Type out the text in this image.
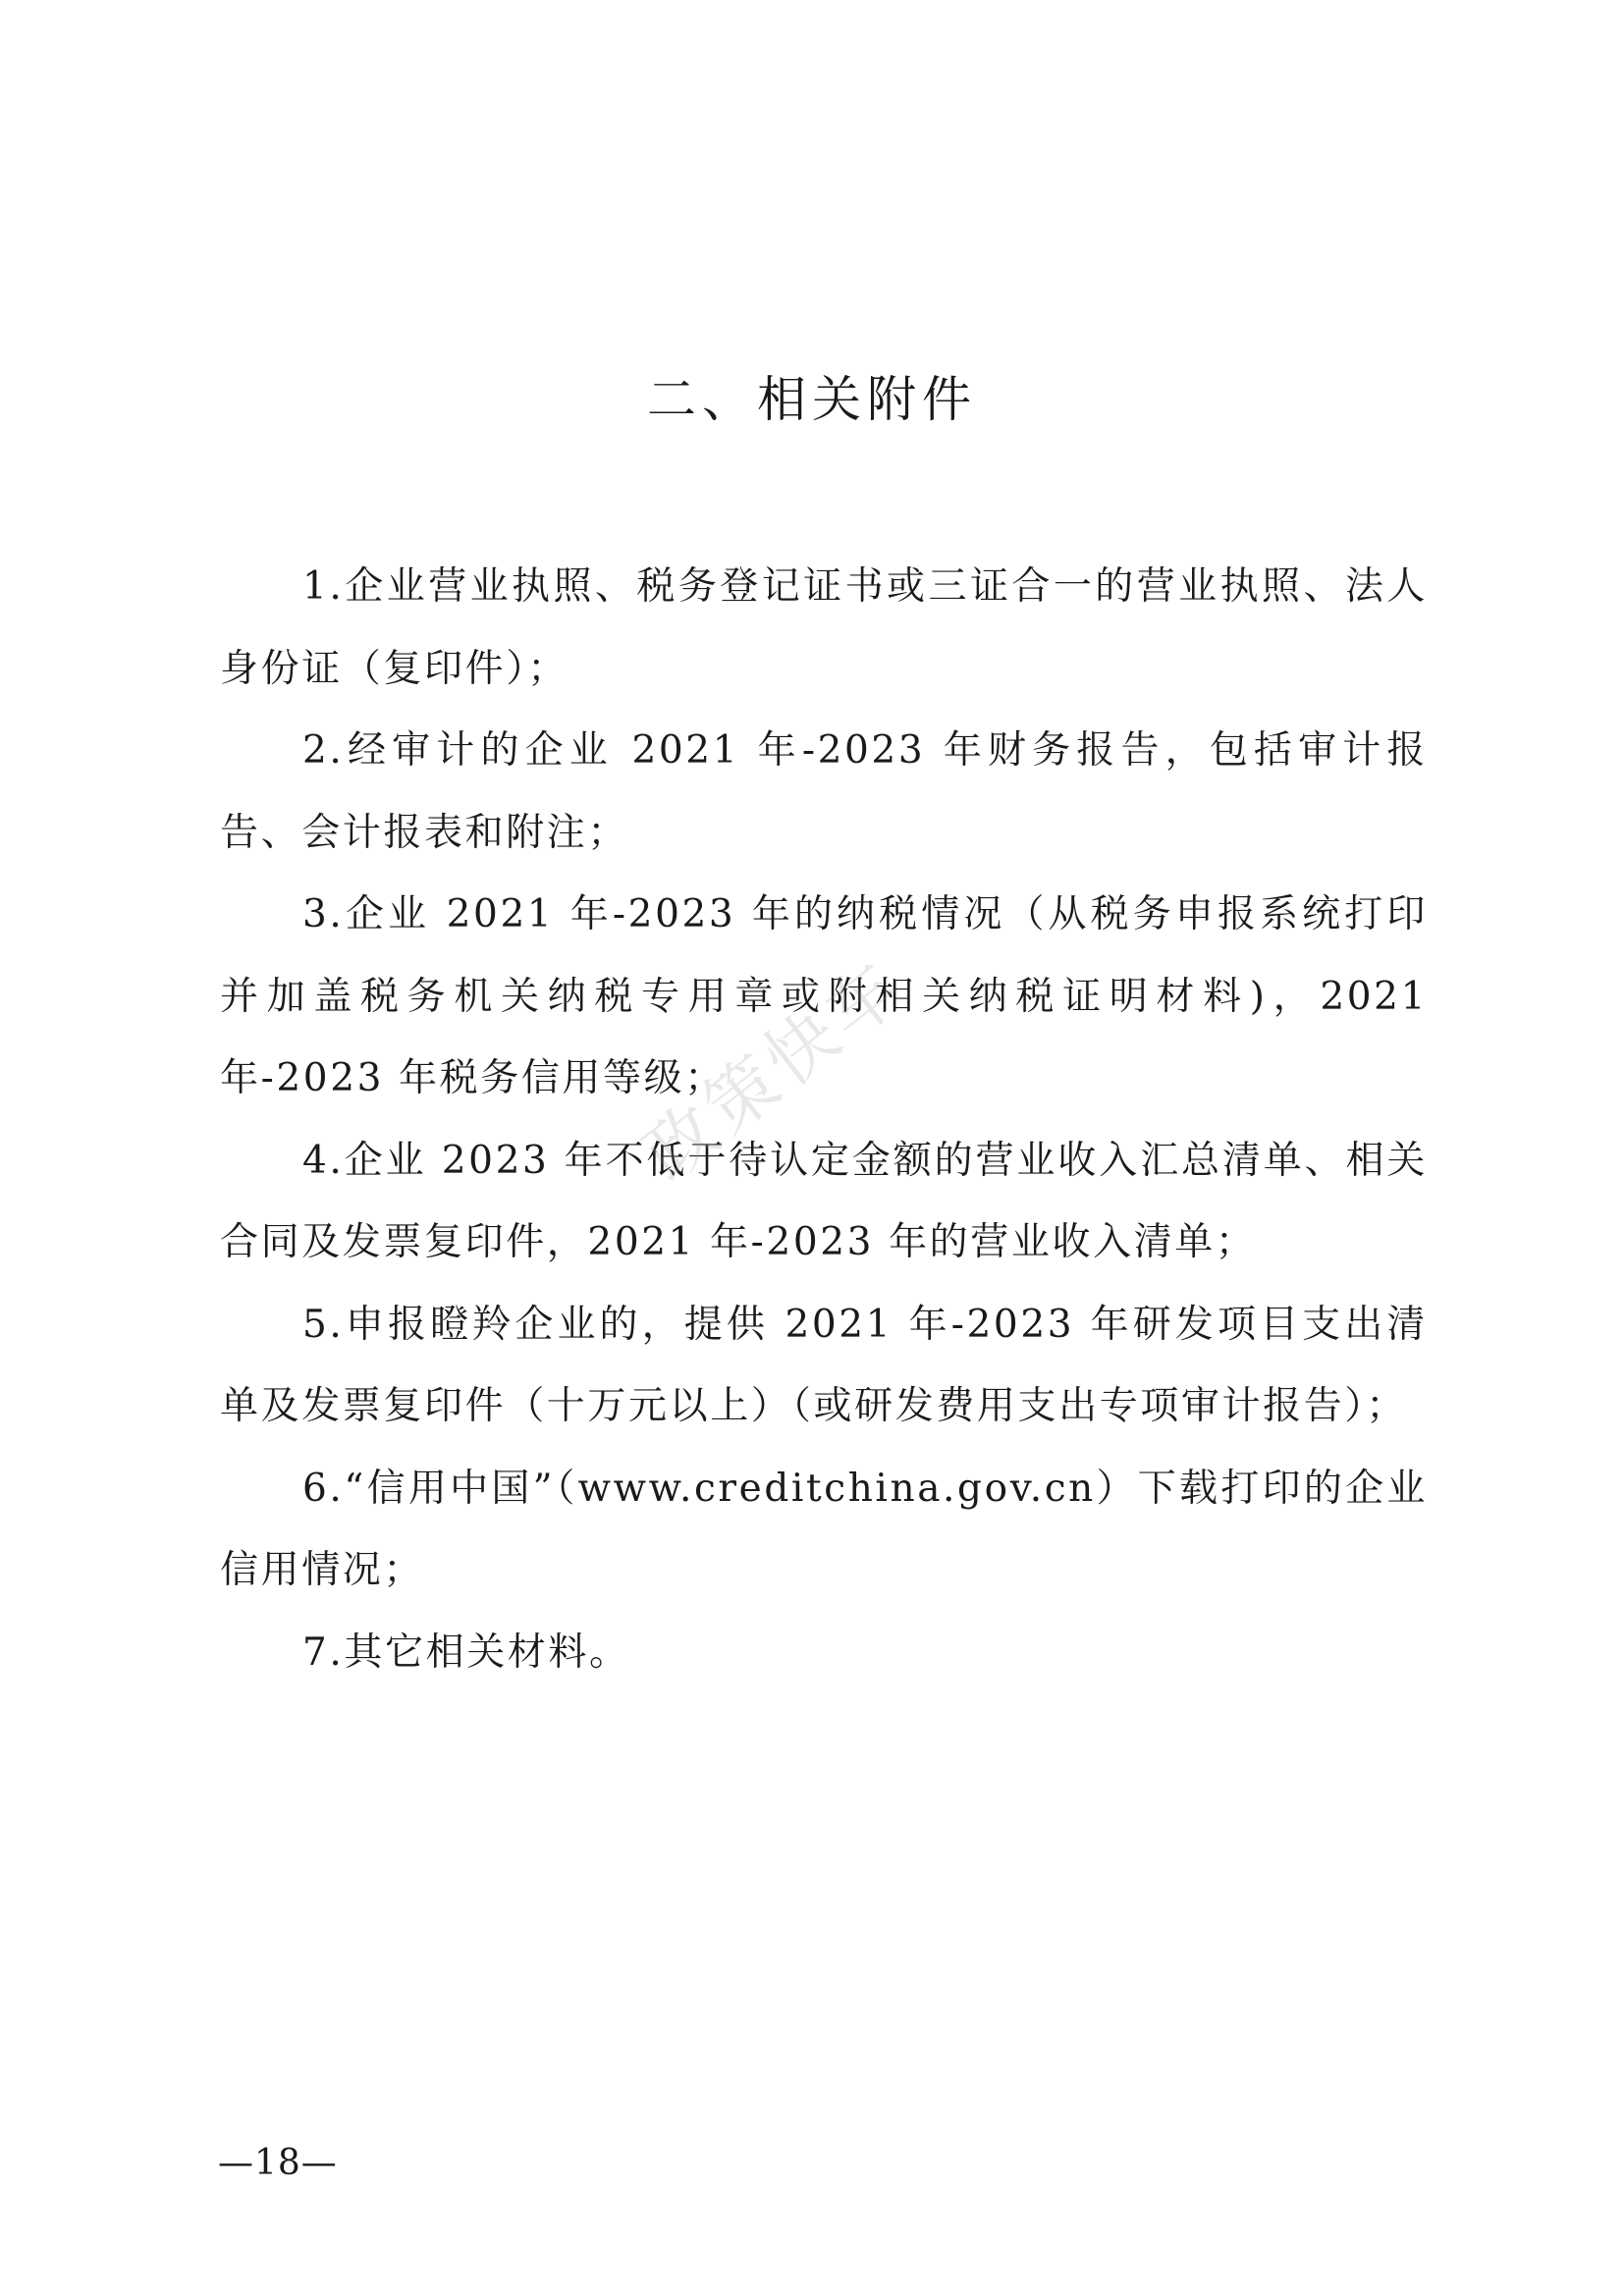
二、相关附件

1.企业营业执照、税务登记证书或三证合一的营业执照、法人身份证（复印件）；

2.经审计的企业 2021 年-2023 年财务报告，包括审计报告、会计报表和附注；

3.企业 2021 年-2023 年的纳税情况（从税务申报系统打印并加盖税务机关纳税专用章或附相关纳税证明材料)，2021 年-2023 年税务信用等级；

4.企业 2023 年不低于待认定金额的营业收入汇总清单、相关合同及发票复印件，2021 年-2023 年的营业收入清单；

5.申报瞪羚企业的，提供 2021 年-2023 年研发项目支出清单及发票复印件（十万元以上）（或研发费用支出专项审计报告）；

6.“信用中国”（www.creditchina.gov.cn）下载打印的企业信用情况；

7.其它相关材料。

政策快车
—18—
